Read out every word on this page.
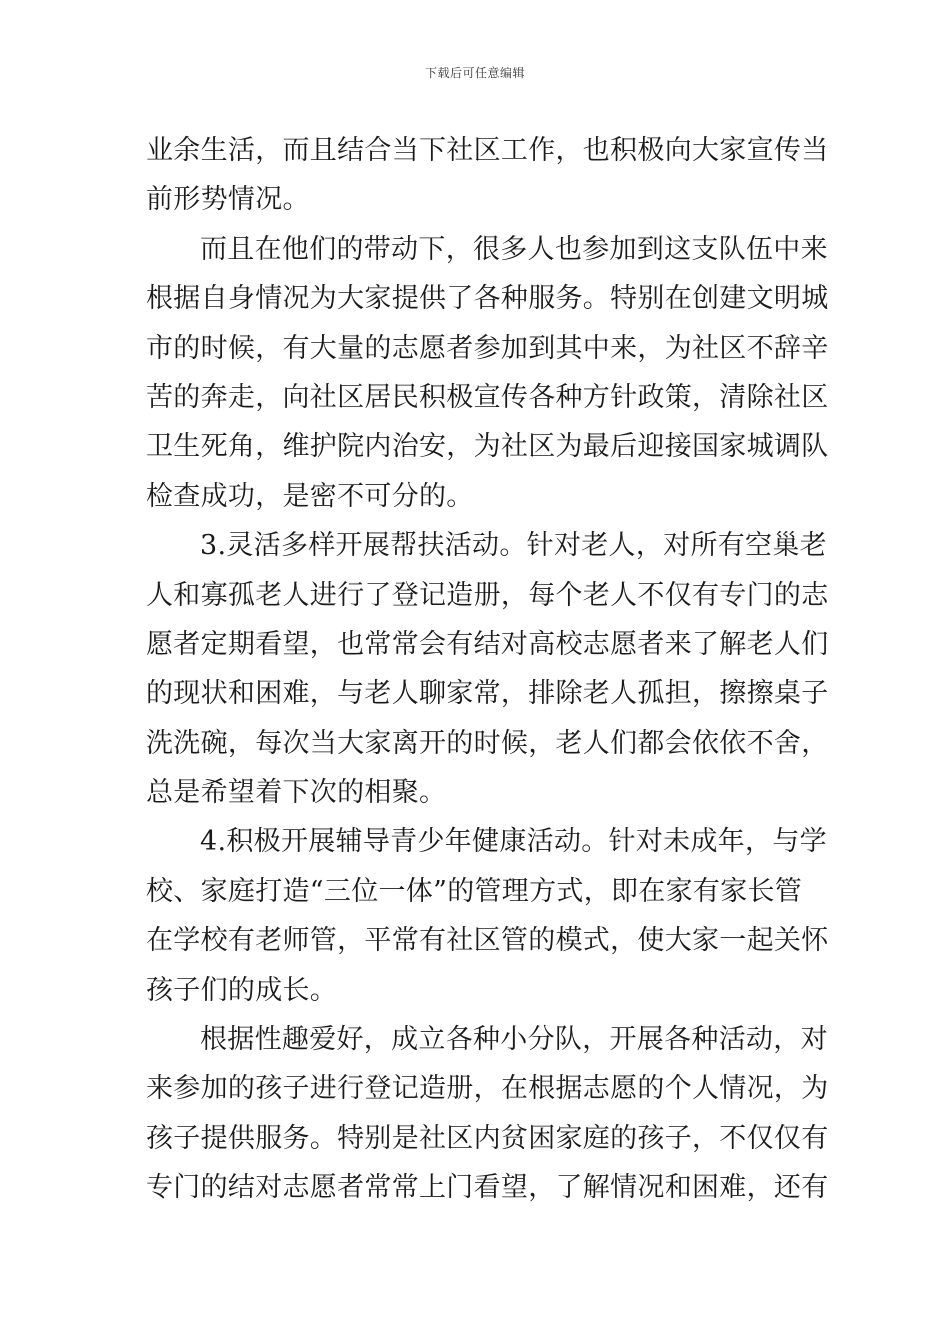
下载后可任意编辑
业余生活，而且结合当下社区工作，也积极向大家宣传当
前形势情况。
而且在他们的带动下，很多人也参加到这支队伍中来
根据自身情况为大家提供了各种服务。特别在创建文明城
市的时候，有大量的志愿者参加到其中来，为社区不辞辛
苦的奔走，向社区居民积极宣传各种方针政策，清除社区
卫生死角，维护院内治安，为社区为最后迎接国家城调队
检查成功，是密不可分的。
3.灵活多样开展帮扶活动。针对老人，对所有空巢老
人和寡孤老人进行了登记造册，每个老人不仅有专门的志
愿者定期看望，也常常会有结对高校志愿者来了解老人们
的现状和困难，与老人聊家常，排除老人孤担，擦擦桌子
洗洗碗，每次当大家离开的时候，老人们都会依依不舍，
总是希望着下次的相聚。
4.积极开展辅导青少年健康活动。针对未成年，与学
校、家庭打造“三位一体”的管理方式，即在家有家长管
在学校有老师管，平常有社区管的模式，使大家一起关怀
孩子们的成长。
根据性趣爱好，成立各种小分队，开展各种活动，对
来参加的孩子进行登记造册，在根据志愿的个人情况，为
孩子提供服务。特别是社区内贫困家庭的孩子，不仅仅有
专门的结对志愿者常常上门看望，了解情况和困难，还有
